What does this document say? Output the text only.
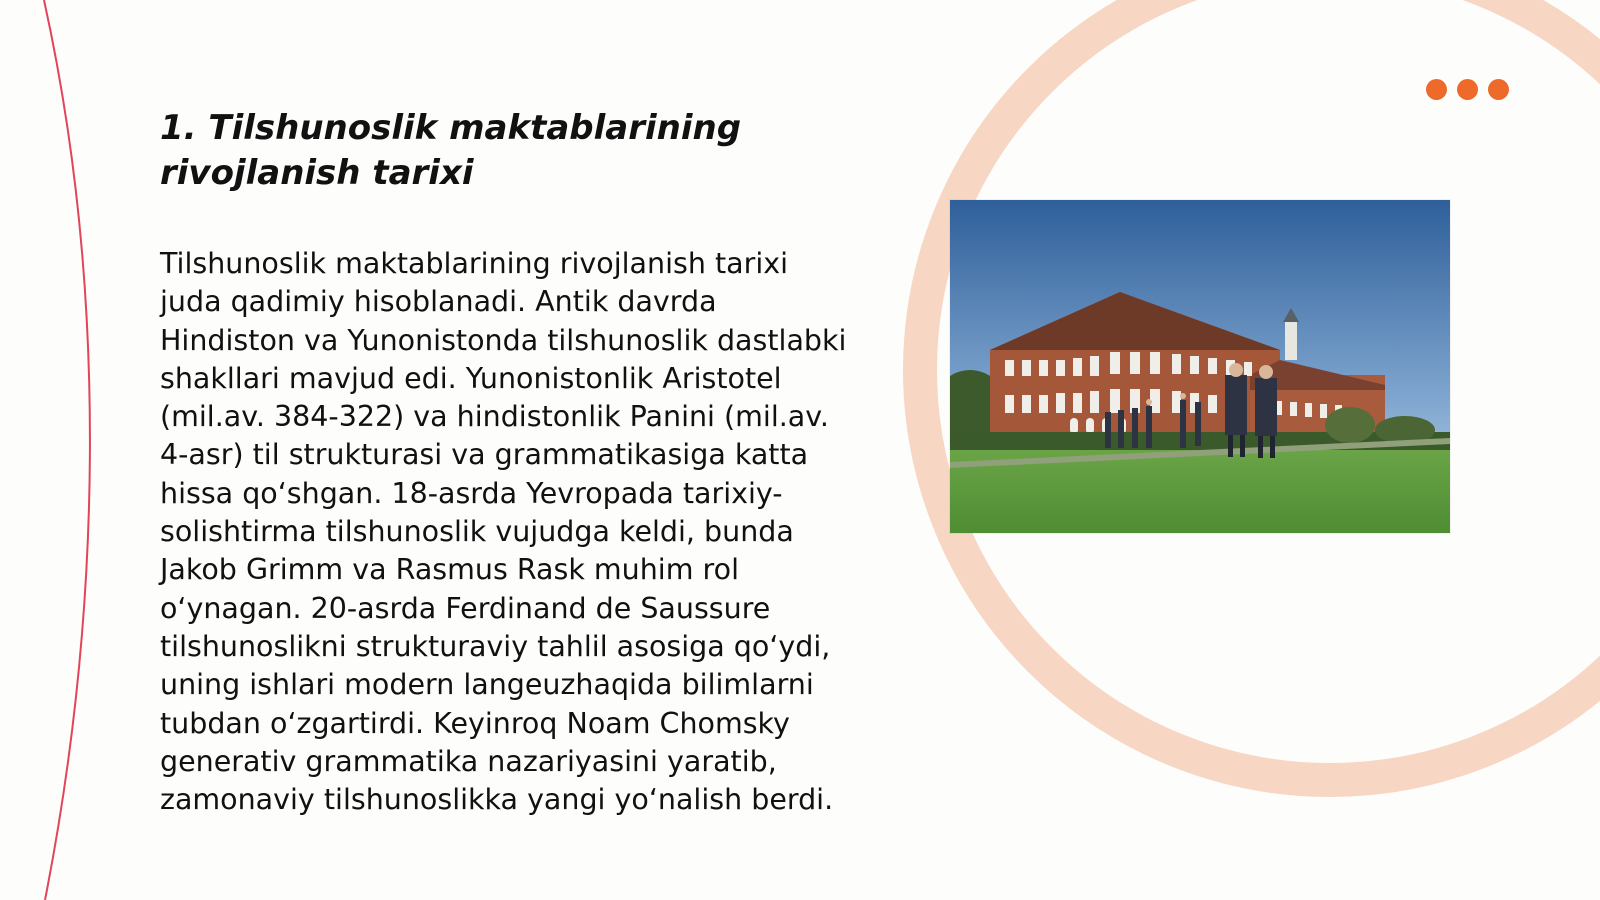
1. Tilshunoslik maktablarining rivojlanish tarixi

Tilshunoslik maktablarining rivojlanish tarixi juda qadimiy hisoblanadi. Antik davrda Hindiston va Yunonistonda tilshunoslik dastlabki shakllari mavjud edi. Yunonistonlik Aristotel (mil.av. 384-322) va hindistonlik Panini (mil.av. 4-asr) til strukturasi va grammatikasiga katta hissa qo‘shgan. 18-asrda Yevropada tarixiy-solishtirma tilshunoslik vujudga keldi, bunda Jakob Grimm va Rasmus Rask muhim rol o‘ynagan. 20-asrda Ferdinand de Saussure tilshunoslikni strukturaviy tahlil asosiga qo‘ydi, uning ishlari modern langeuzhaqida bilimlarni tubdan o‘zgartirdi. Keyinroq Noam Chomsky generativ grammatika nazariyasini yaratib, zamonaviy tilshunoslikka yangi yo‘nalish berdi.
